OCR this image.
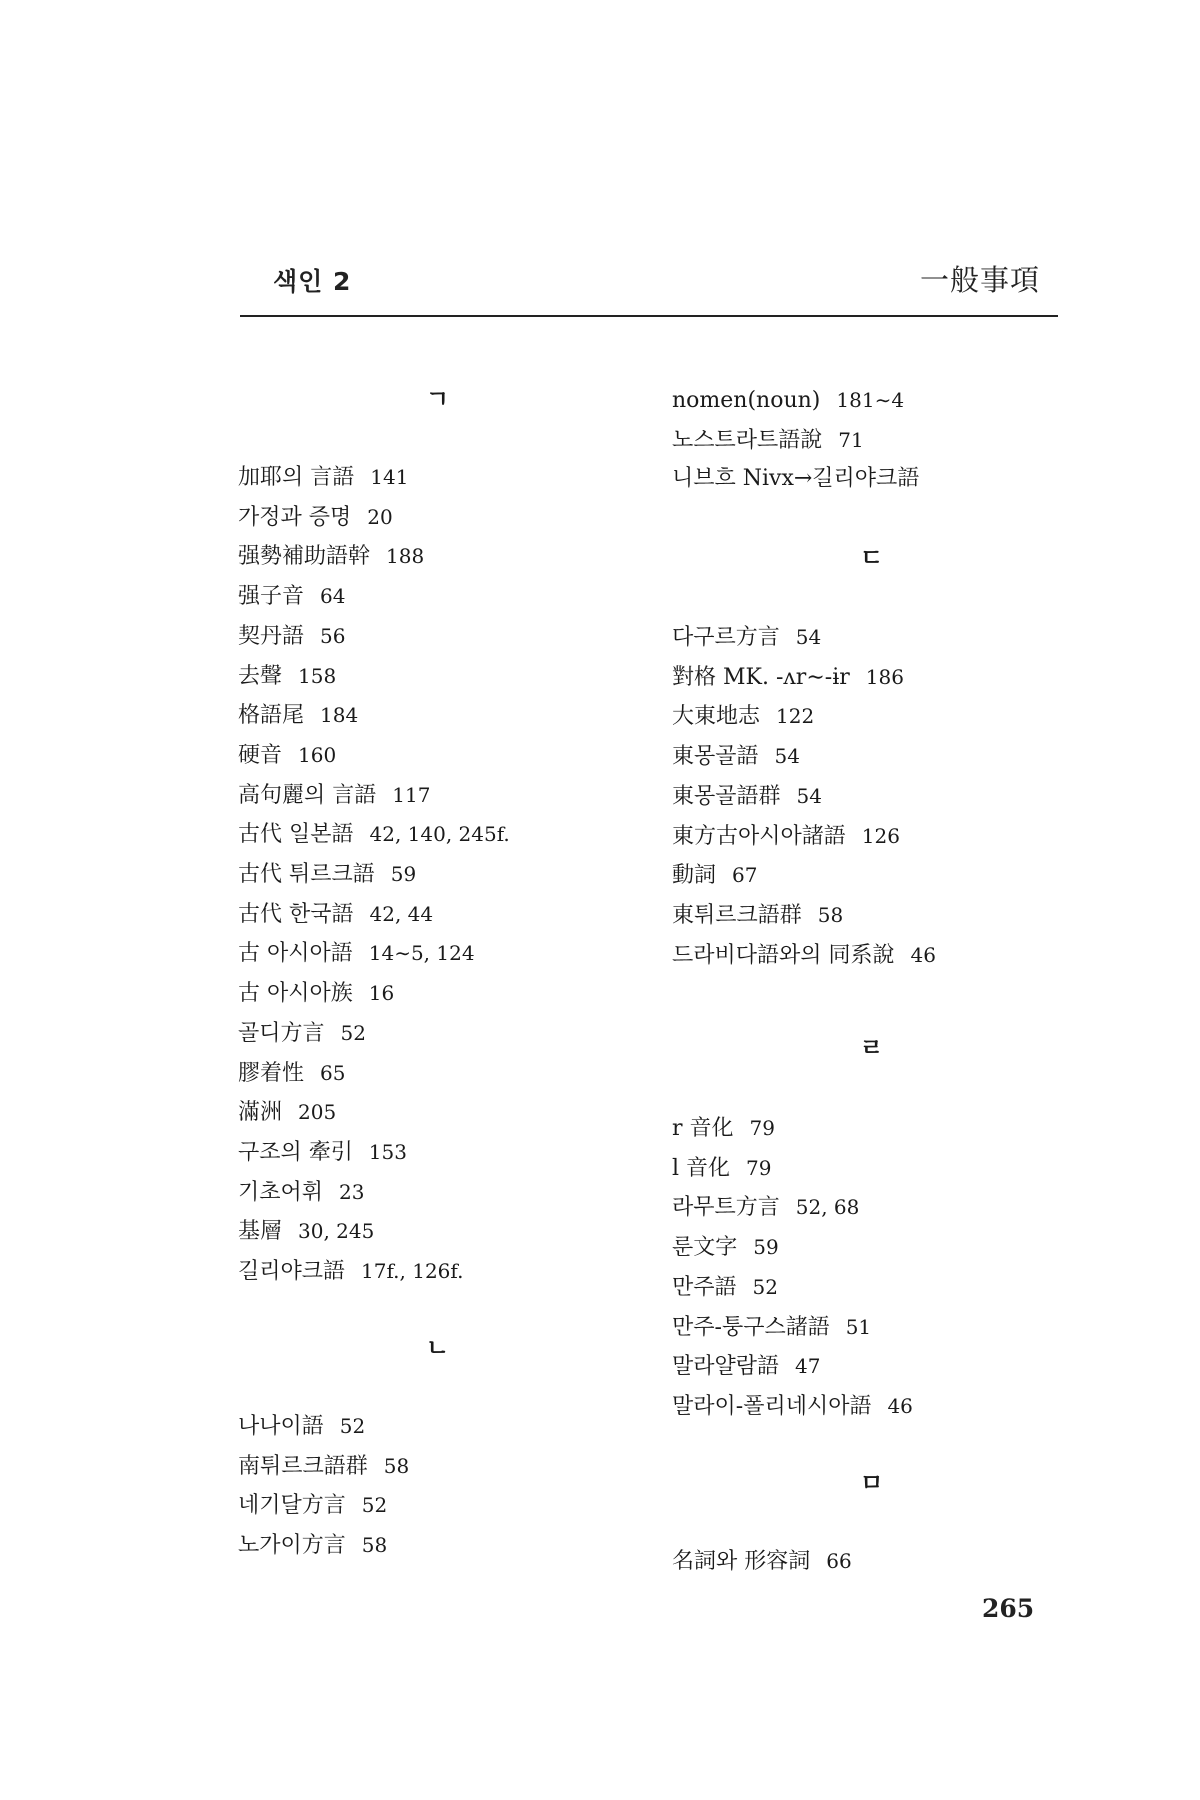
색인 2	一般事項
ㄱ
加耶의 言語 141
가정과 증명 20
强勢補助語幹 188
强子音 64
契丹語 56
去聲 158
格語尾 184
硬音 160
高句麗의 言語 117
古代 일본語 42, 140, 245f.
古代 튀르크語 59
古代 한국語 42, 44
古 아시아語 14∼5, 124
古 아시아族 16
골디方言 52
膠着性 65
滿洲 205
구조의 牽引 153
기초어휘 23
基層 30, 245
길리야크語 17f., 126f.
ㄴ
나나이語 52
南튀르크語群 58
네기달方言 52
노가이方言 58
nomen(noun) 181∼4
노스트라트語說 71
니브흐 Nivx→길리야크語
ㄷ
다구르方言 54
對格 MK. -ʌr∼-ɨr 186
大東地志 122
東몽골語 54
東몽골語群 54
東方古아시아諸語 126
動詞 67
東튀르크語群 58
드라비다語와의 同系說 46
ㄹ
r 音化 79
l 音化 79
라무트方言 52, 68
룬文字 59
만주語 52
만주-퉁구스諸語 51
말라얄람語 47
말라이-폴리네시아語 46
ㅁ
名詞와 形容詞 66
265
